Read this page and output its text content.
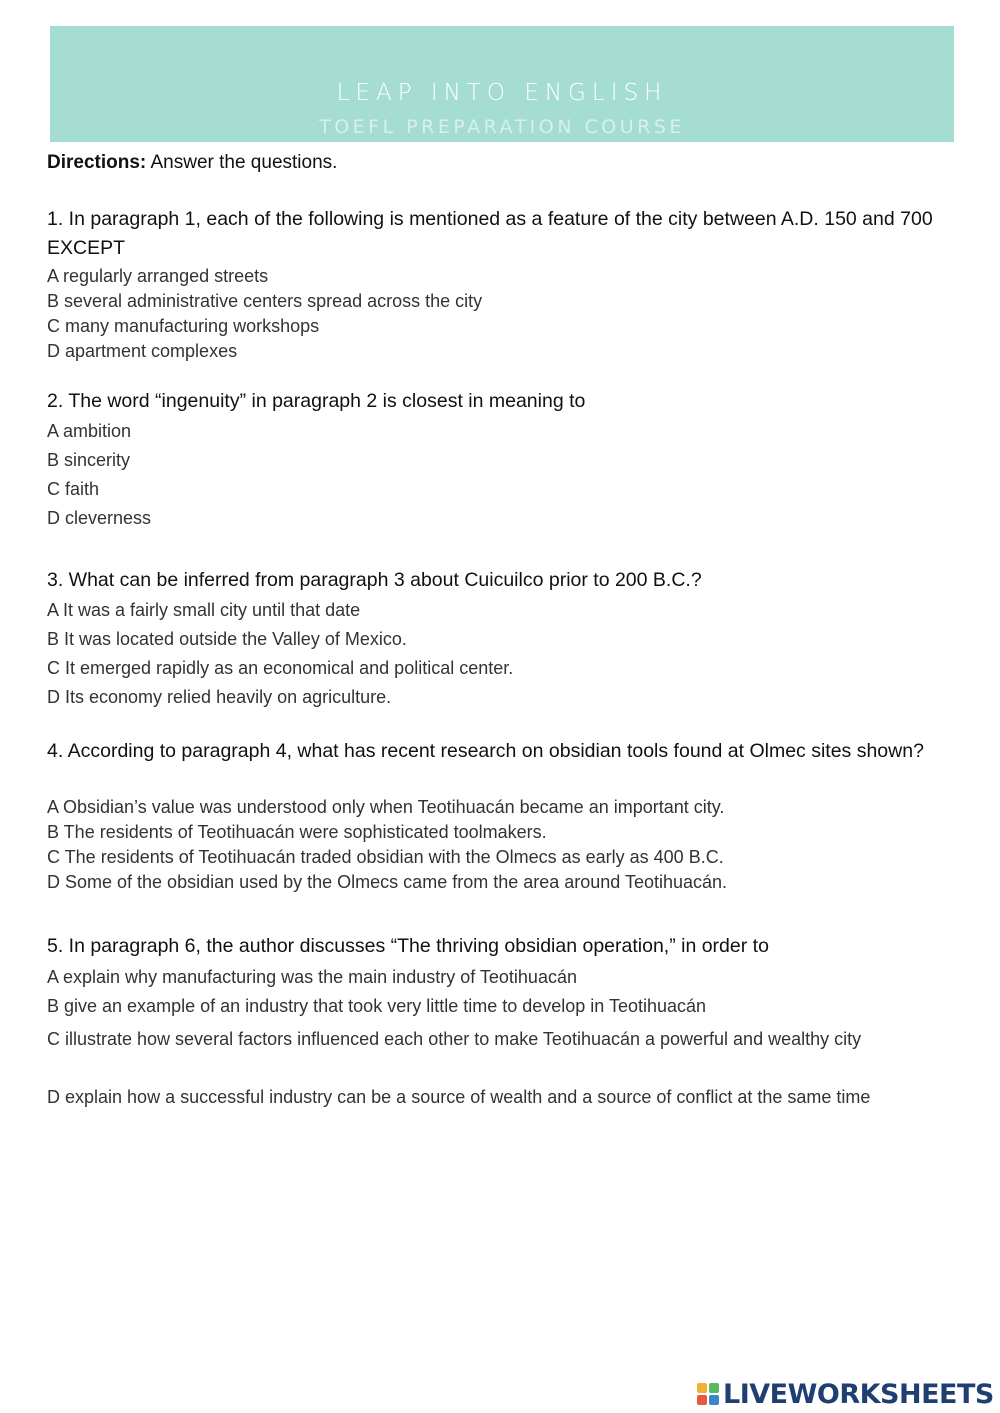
LEAP INTO ENGLISH
TOEFL PREPARATION COURSE
Directions: Answer the questions.
1. In paragraph 1, each of the following is mentioned as a feature of the city between A.D. 150 and 700 EXCEPT
A regularly arranged streets
B several administrative centers spread across the city
C many manufacturing workshops
D apartment complexes
2. The word “ingenuity” in paragraph 2 is closest in meaning to
A ambition
B sincerity
C faith
D cleverness
3. What can be inferred from paragraph 3 about Cuicuilco prior to 200 B.C.?
A It was a fairly small city until that date
B It was located outside the Valley of Mexico.
C It emerged rapidly as an economical and political center.
D Its economy relied heavily on agriculture.
4. According to paragraph 4, what has recent research on obsidian tools found at Olmec sites shown?
A Obsidian’s value was understood only when Teotihuacán became an important city.
B The residents of Teotihuacán were sophisticated toolmakers.
C The residents of Teotihuacán traded obsidian with the Olmecs as early as 400 B.C.
D Some of the obsidian used by the Olmecs came from the area around Teotihuacán.
5. In paragraph 6, the author discusses “The thriving obsidian operation,” in order to
A explain why manufacturing was the main industry of Teotihuacán
B give an example of an industry that took very little time to develop in Teotihuacán
C illustrate how several factors influenced each other to make Teotihuacán a powerful and wealthy city
D explain how a successful industry can be a source of wealth and a source of conflict at the same time
LIVEWORKSHEETS
